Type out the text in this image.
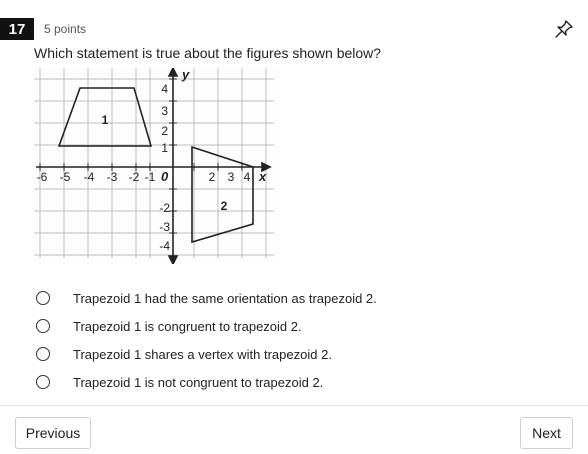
17	5 points
Which statement is true about the figures shown below?
1
2
y
x
0
-6 -5 -4 -3 -2 -1	2 3 4
4
3
2
1
-2
-3
-4
Trapezoid 1 had the same orientation as trapezoid 2.
Trapezoid 1 is congruent to trapezoid 2.
Trapezoid 1 shares a vertex with trapezoid 2.
Trapezoid 1 is not congruent to trapezoid 2.
Previous	Next
